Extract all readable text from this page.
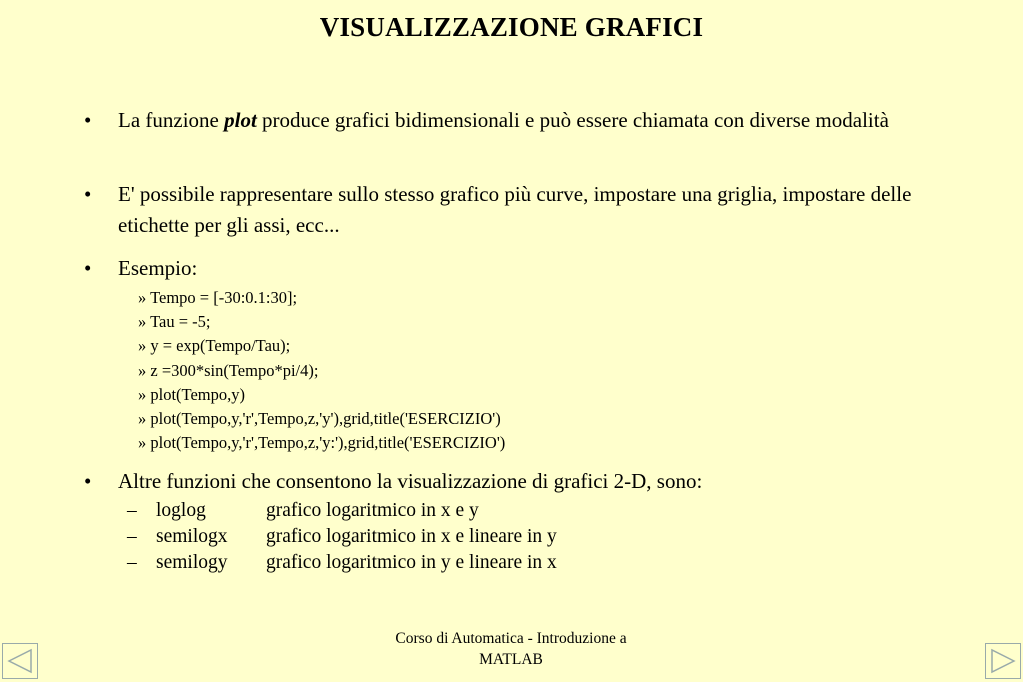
VISUALIZZAZIONE GRAFICI
• La funzione plot produce grafici bidimensionali e può essere chiamata con diverse modalità
• E' possibile rappresentare sullo stesso grafico più curve, impostare una griglia, impostare delle etichette per gli assi, ecc...
• Esempio:
» Tempo = [-30:0.1:30];
» Tau = -5;
» y = exp(Tempo/Tau);
» z =300*sin(Tempo*pi/4);
» plot(Tempo,y)
» plot(Tempo,y,'r',Tempo,z,'y'),grid,title('ESERCIZIO')
» plot(Tempo,y,'r',Tempo,z,'y:'),grid,title('ESERCIZIO')
• Altre funzioni che consentono la visualizzazione di grafici 2-D, sono:
– loglog	grafico logaritmico in x e y
– semilogx grafico logaritmico in x e lineare in y
– semilogy grafico logaritmico in y e lineare in x
Corso di Automatica - Introduzione a
MATLAB
